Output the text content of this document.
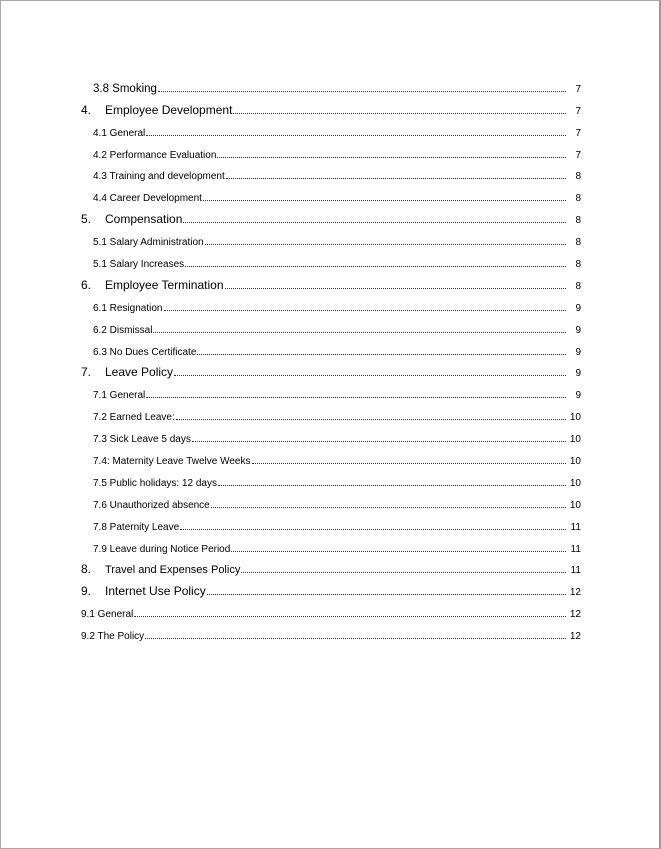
3.8 Smoking	7
4.	Employee Development	7
4.1 General	7
4.2 Performance Evaluation	7
4.3 Training and development	8
4.4 Career Development	8
5.	Compensation	8
5.1 Salary Administration	8
5.1 Salary Increases	8
6.	Employee Termination	8
6.1 Resignation	9
6.2 Dismissal	9
6.3 No Dues Certificate	9
7.	Leave Policy	9
7.1 General	9
7.2 Earned Leave:	10
7.3 Sick Leave 5 days	10
7.4: Maternity Leave Twelve Weeks	10
7.5 Public holidays: 12 days	10
7.6 Unauthorized absence	10
7.8 Paternity Leave	11
7.9 Leave during Notice Period	11
8.	Travel and Expenses Policy	11
9.	Internet Use Policy	12
9.1 General	12
9.2 The Policy	12
